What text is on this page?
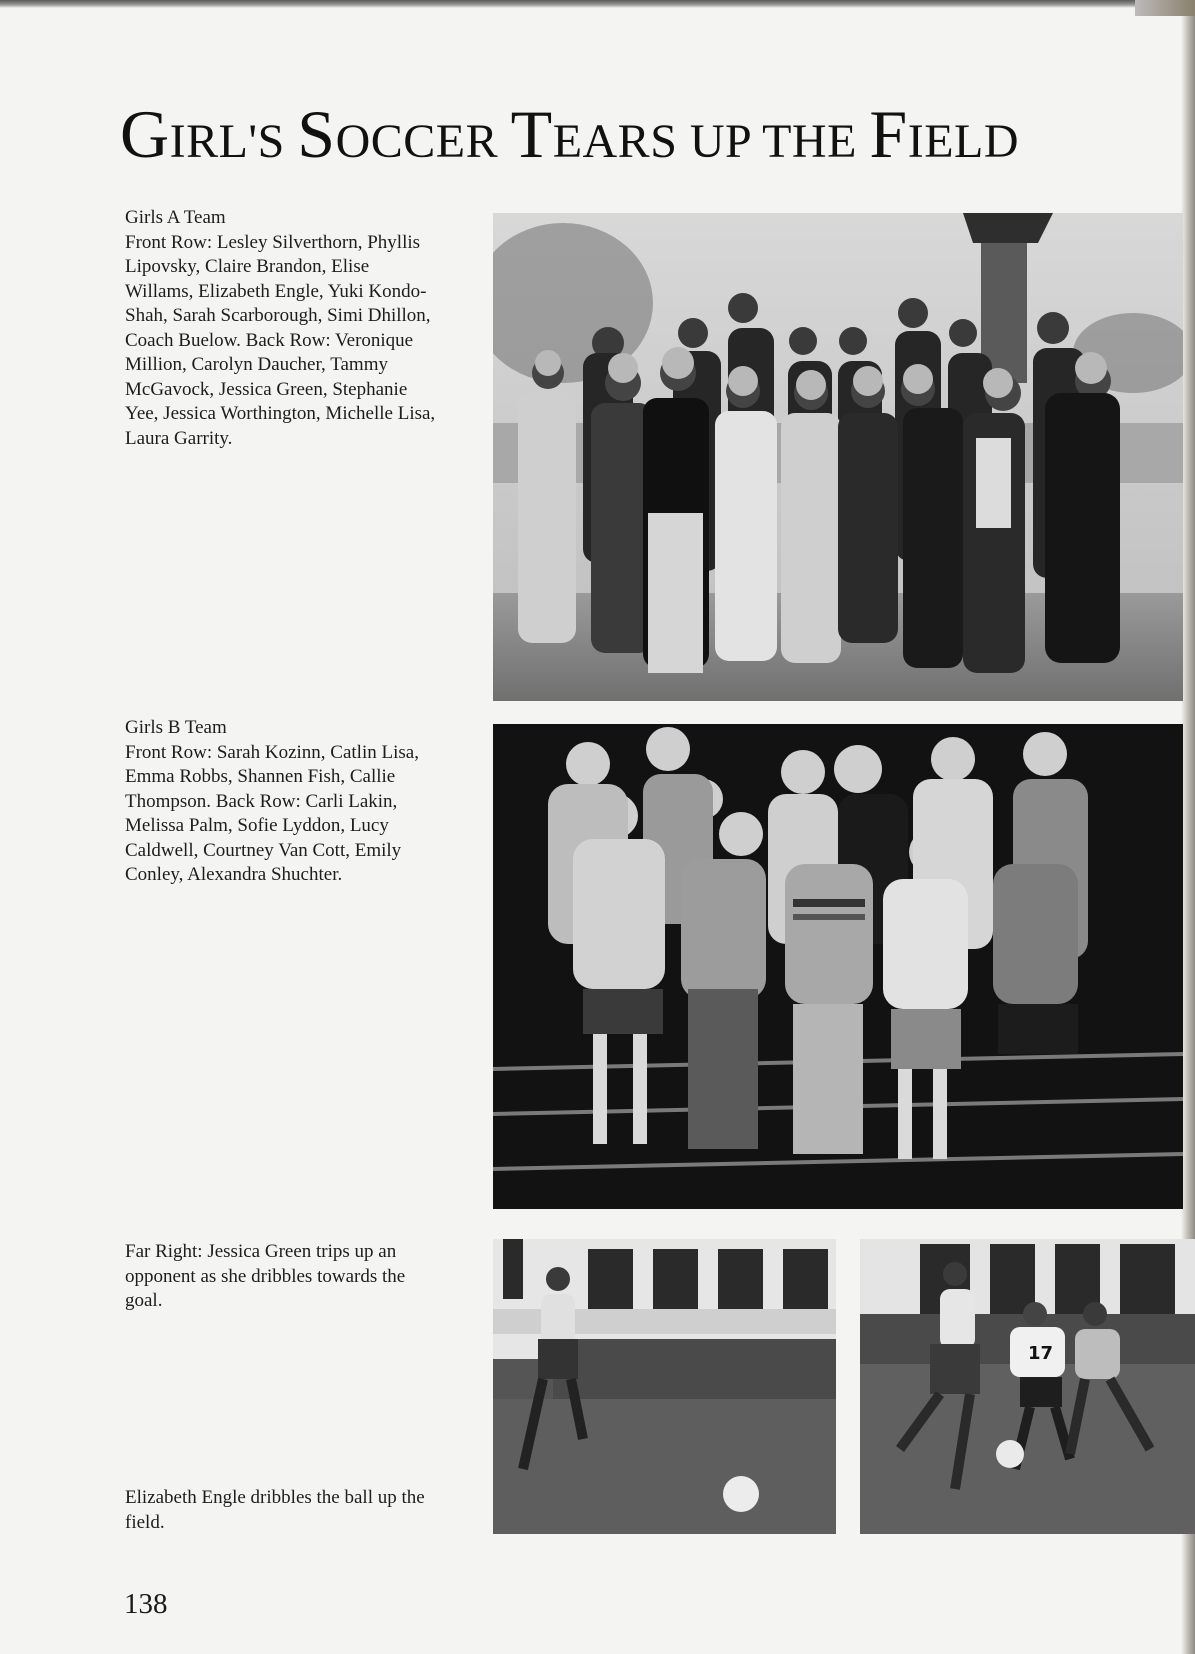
GIRL'S SOCCER TEARS UP THE FIELD
Girls A Team
Front Row: Lesley Silverthorn, Phyllis
Lipovsky, Claire Brandon, Elise
Willams, Elizabeth Engle, Yuki Kondo-
Shah, Sarah Scarborough, Simi Dhillon,
Coach Buelow. Back Row: Veronique
Million, Carolyn Daucher, Tammy
McGavock, Jessica Green, Stephanie
Yee, Jessica Worthington, Michelle Lisa,
Laura Garrity.
Girls B Team
Front Row: Sarah Kozinn, Catlin Lisa,
Emma Robbs, Shannen Fish, Callie
Thompson. Back Row: Carli Lakin,
Melissa Palm, Sofie Lyddon, Lucy
Caldwell, Courtney Van Cott, Emily
Conley, Alexandra Shuchter.
Far Right: Jessica Green trips up an
opponent as she dribbles towards the
goal.
Elizabeth Engle dribbles the ball up the
field.
17
138
